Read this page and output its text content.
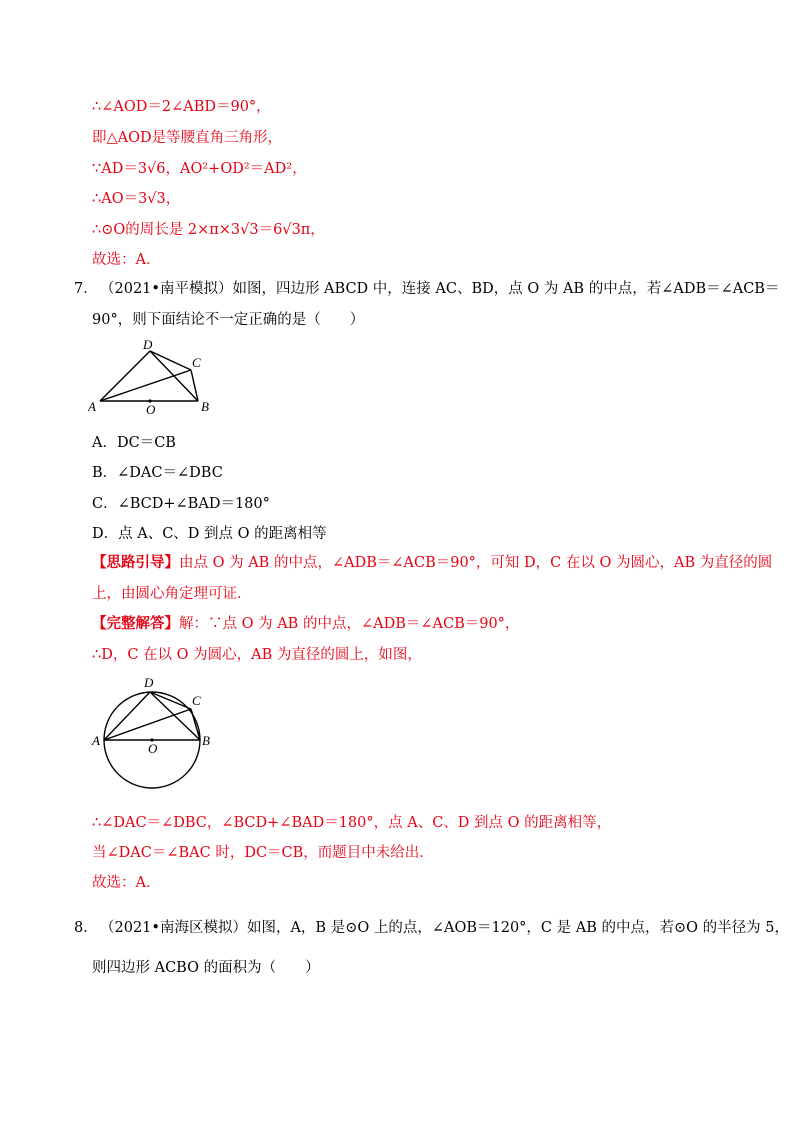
∴∠AOD＝2∠ABD＝90°，
即△AOD是等腰直角三角形，
∵AD＝3√6，AO²+OD²＝AD²，
∴AO＝3√3，
∴⊙O的周长是 2×π×3√3＝6√3π，
故选：A．
7． （2021•南平模拟）如图，四边形 ABCD 中，连接 AC、BD，点 O 为 AB 的中点，若∠ADB＝∠ACB＝
90°，则下面结论不一定正确的是（　　）
A	B
C
D
O
A．DC＝CB
B．∠DAC＝∠DBC
C．∠BCD+∠BAD＝180°
D．点 A、C、D 到点 O 的距离相等
【思路引导】由点 O 为 AB 的中点，∠ADB＝∠ACB＝90°，可知 D，C 在以 O 为圆心，AB 为直径的圆
上，由圆心角定理可证．
【完整解答】解：∵点 O 为 AB 的中点，∠ADB＝∠ACB＝90°，
∴D，C 在以 O 为圆心，AB 为直径的圆上，如图，
A	B
C
D
O
∴∠DAC＝∠DBC，∠BCD+∠BAD＝180°，点 A、C、D 到点 O 的距离相等，
当∠DAC＝∠BAC 时，DC＝CB，而题目中未给出．
故选：A．
8． （2021•南海区模拟）如图，A，B 是⊙O 上的点，∠AOB＝120°，C 是 AB 的中点，若⊙O 的半径为 5，
则四边形 ACBO 的面积为（　　）
